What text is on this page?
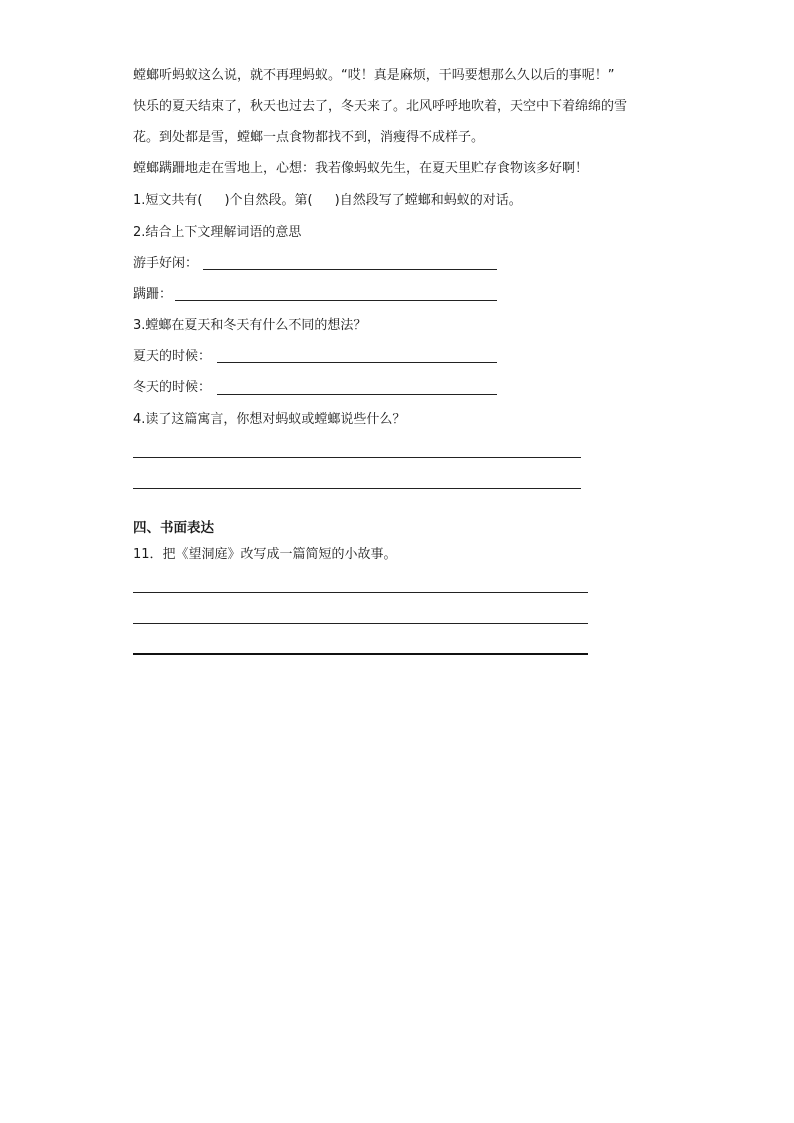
螳螂听蚂蚁这么说，就不再理蚂蚁。“哎！真是麻烦，干吗要想那么久以后的事呢！”
快乐的夏天结束了，秋天也过去了，冬天来了。北风呼呼地吹着，天空中下着绵绵的雪
花。到处都是雪，螳螂一点食物都找不到，消瘦得不成样子。
螳螂蹒跚地走在雪地上，心想：我若像蚂蚁先生，在夏天里贮存食物该多好啊！
1.短文共有( )个自然段。第( )自然段写了螳螂和蚂蚁的对话。
2.结合上下文理解词语的意思
游手好闲：
蹒跚：
3.螳螂在夏天和冬天有什么不同的想法？
夏天的时候：
冬天的时候：
4.读了这篇寓言，你想对蚂蚁或螳螂说些什么？
四、书面表达
11．把《望洞庭》改写成一篇简短的小故事。
